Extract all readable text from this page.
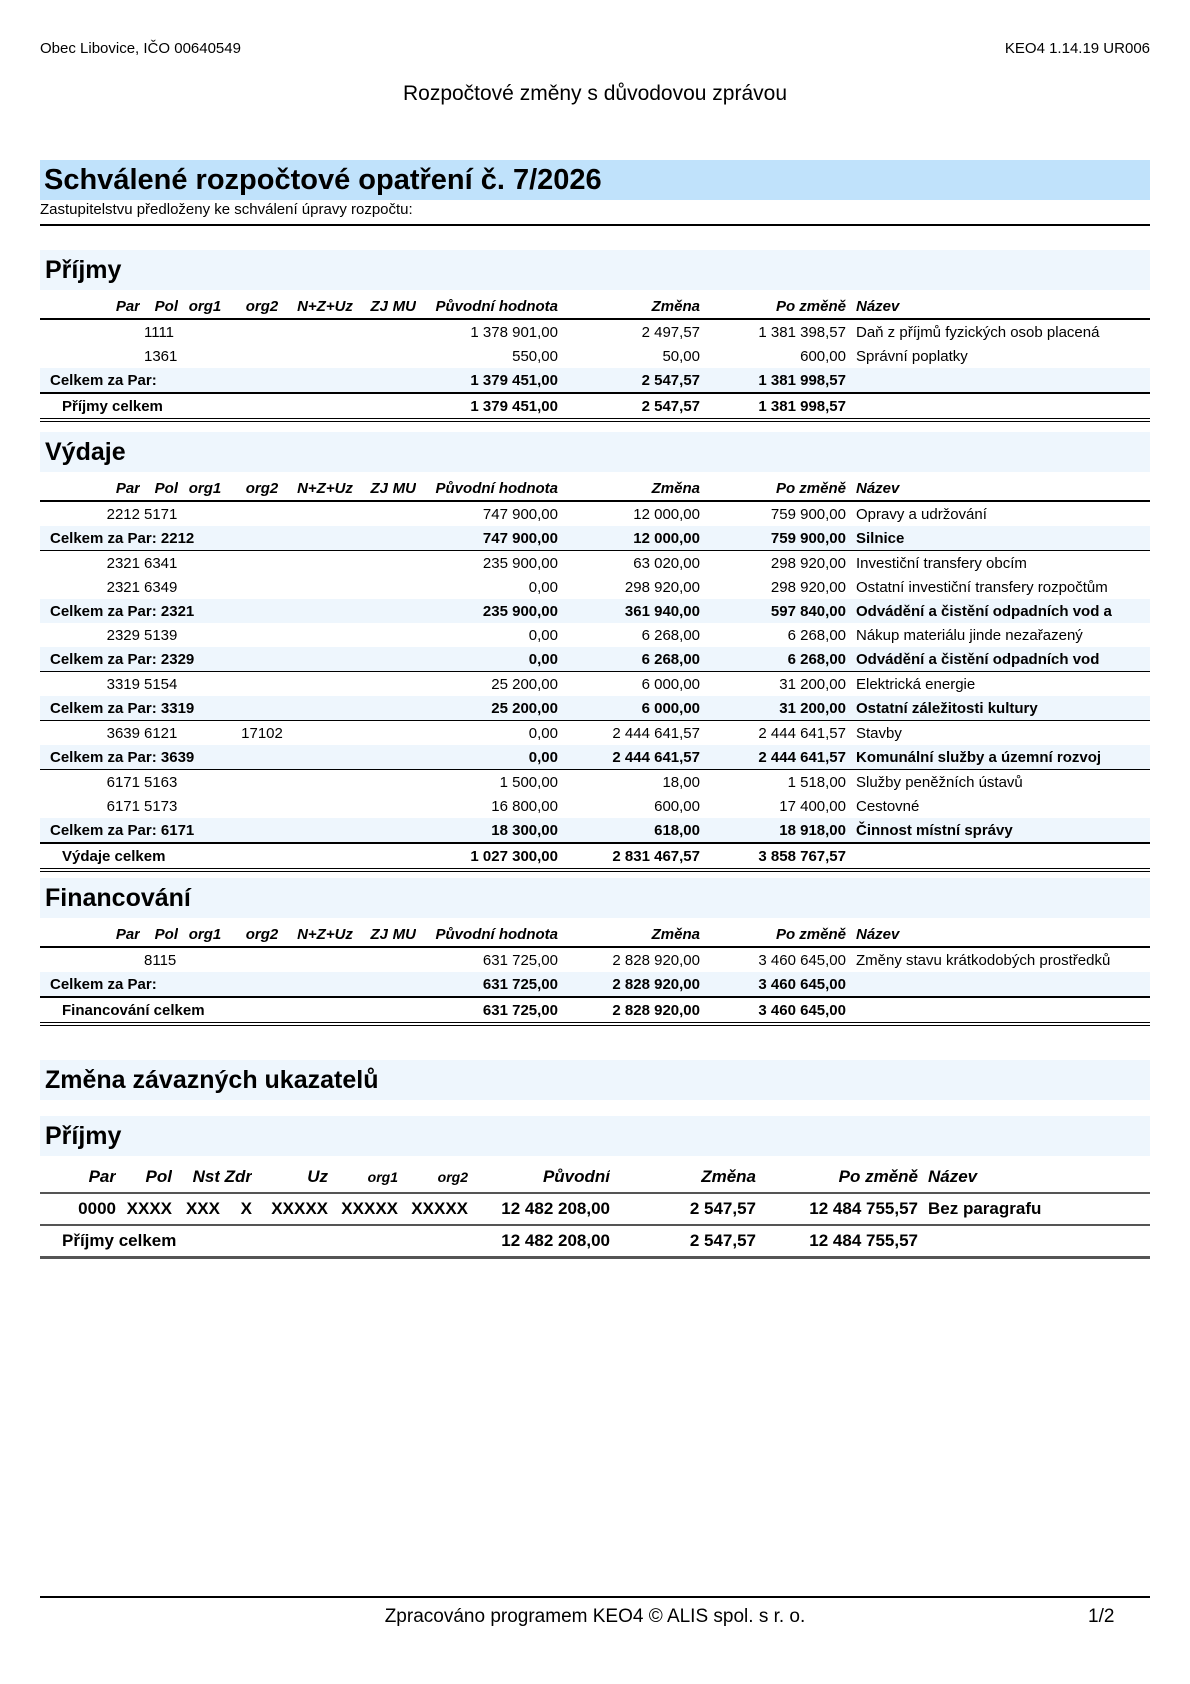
Obec Libovice, IČO 00640549	KEO4 1.14.19 UR006
Rozpočtové změny s důvodovou zprávou
Schválené rozpočtové opatření č. 7/2026
Zastupitelstvu předloženy ke schválení úpravy rozpočtu:
Příjmy
Par	Pol	org1	org2	N+Z+Uz	ZJ	MU	Původní hodnota	Změna	Po změně	Název
	1111						1 378 901,00	2 497,57	1 381 398,57	Daň z příjmů fyzických osob placená
	1361						550,00	50,00	600,00	Správní poplatky
Celkem za Par:							1 379 451,00	2 547,57	1 381 998,57	
Příjmy celkem							1 379 451,00	2 547,57	1 381 998,57	
Výdaje
Par	Pol	org1	org2	N+Z+Uz	ZJ	MU	Původní hodnota	Změna	Po změně	Název
2212	5171						747 900,00	12 000,00	759 900,00	Opravy a udržování
Celkem za Par: 2212							747 900,00	12 000,00	759 900,00	Silnice
2321	6341						235 900,00	63 020,00	298 920,00	Investiční transfery obcím
2321	6349						0,00	298 920,00	298 920,00	Ostatní investiční transfery rozpočtům
Celkem za Par: 2321							235 900,00	361 940,00	597 840,00	Odvádění a čistění odpadních vod a
2329	5139						0,00	6 268,00	6 268,00	Nákup materiálu jinde nezařazený
Celkem za Par: 2329							0,00	6 268,00	6 268,00	Odvádění a čistění odpadních vod
3319	5154						25 200,00	6 000,00	31 200,00	Elektrická energie
Celkem za Par: 3319							25 200,00	6 000,00	31 200,00	Ostatní záležitosti kultury
3639	6121		17102				0,00	2 444 641,57	2 444 641,57	Stavby
Celkem za Par: 3639							0,00	2 444 641,57	2 444 641,57	Komunální služby a územní rozvoj
6171	5163						1 500,00	18,00	1 518,00	Služby peněžních ústavů
6171	5173						16 800,00	600,00	17 400,00	Cestovné
Celkem za Par: 6171							18 300,00	618,00	18 918,00	Činnost místní správy
Výdaje celkem							1 027 300,00	2 831 467,57	3 858 767,57	
Financování
Par	Pol	org1	org2	N+Z+Uz	ZJ	MU	Původní hodnota	Změna	Po změně	Název
	8115						631 725,00	2 828 920,00	3 460 645,00	Změny stavu krátkodobých prostředků
Celkem za Par:							631 725,00	2 828 920,00	3 460 645,00	
Financování celkem							631 725,00	2 828 920,00	3 460 645,00	
Změna závazných ukazatelů
Příjmy
Par	Pol	Nst	Zdr	Uz	org1	org2	Původní	Změna	Po změně	Název
0000	XXXX	XXX	X	XXXXX	XXXXX	XXXXX	12 482 208,00	2 547,57	12 484 755,57	Bez paragrafu
Příjmy celkem							12 482 208,00	2 547,57	12 484 755,57	
Zpracováno programem KEO4 © ALIS spol. s r. o.	1/2
